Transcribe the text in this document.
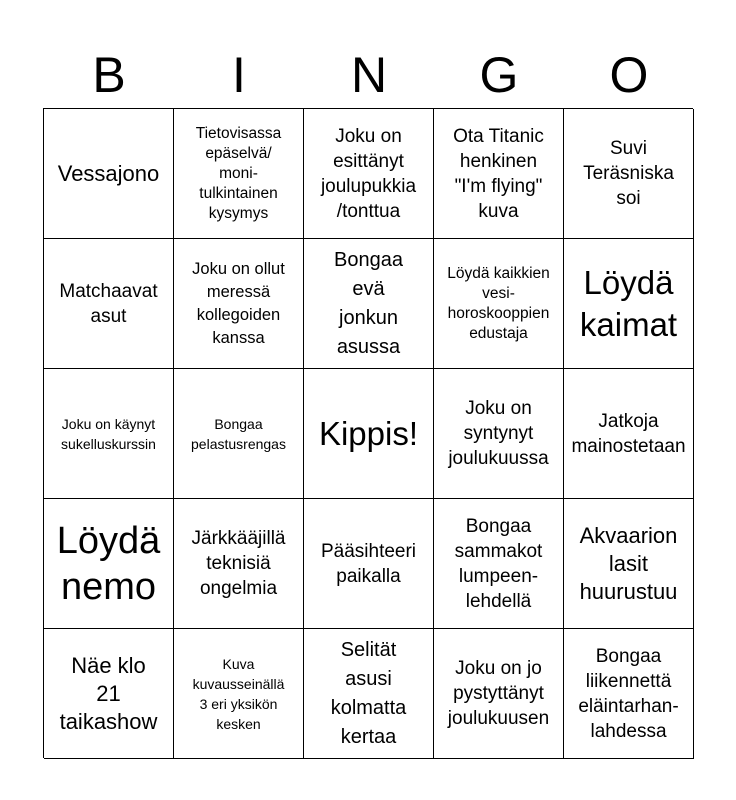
B	I	N	G	O
Vessajono
Tietovisassa
epäselvä/
moni-
tulkintainen
kysymys
Joku on
esittänyt
joulupukkia
/tonttua
Ota Titanic
henkinen
"I'm flying"
kuva
Suvi
Teräsniska
soi
Matchaavat
asut
Joku on ollut
meressä
kollegoiden
kanssa
Bongaa
evä
jonkun
asussa
Löydä kaikkien
vesi-
horoskooppien
edustaja
Löydä
kaimat
Joku on käynyt
sukelluskurssin
Bongaa
pelastusrengas Kippis!
Joku on
syntynyt
joulukuussa
Jatkoja
mainostetaan
Löydä
nemo
Järkkääjillä
teknisiä
ongelmia
Pääsihteeri
paikalla
Bongaa
sammakot
lumpeen-
lehdellä
Akvaarion
lasit
huurustuu
Näe klo
21
taikashow
Kuva
kuvausseinällä
3 eri yksikön
kesken
Selität
asusi
kolmatta
kertaa
Joku on jo
pystyttänyt
joulukuusen
Bongaa
liikennettä
eläintarhan-
lahdessa
